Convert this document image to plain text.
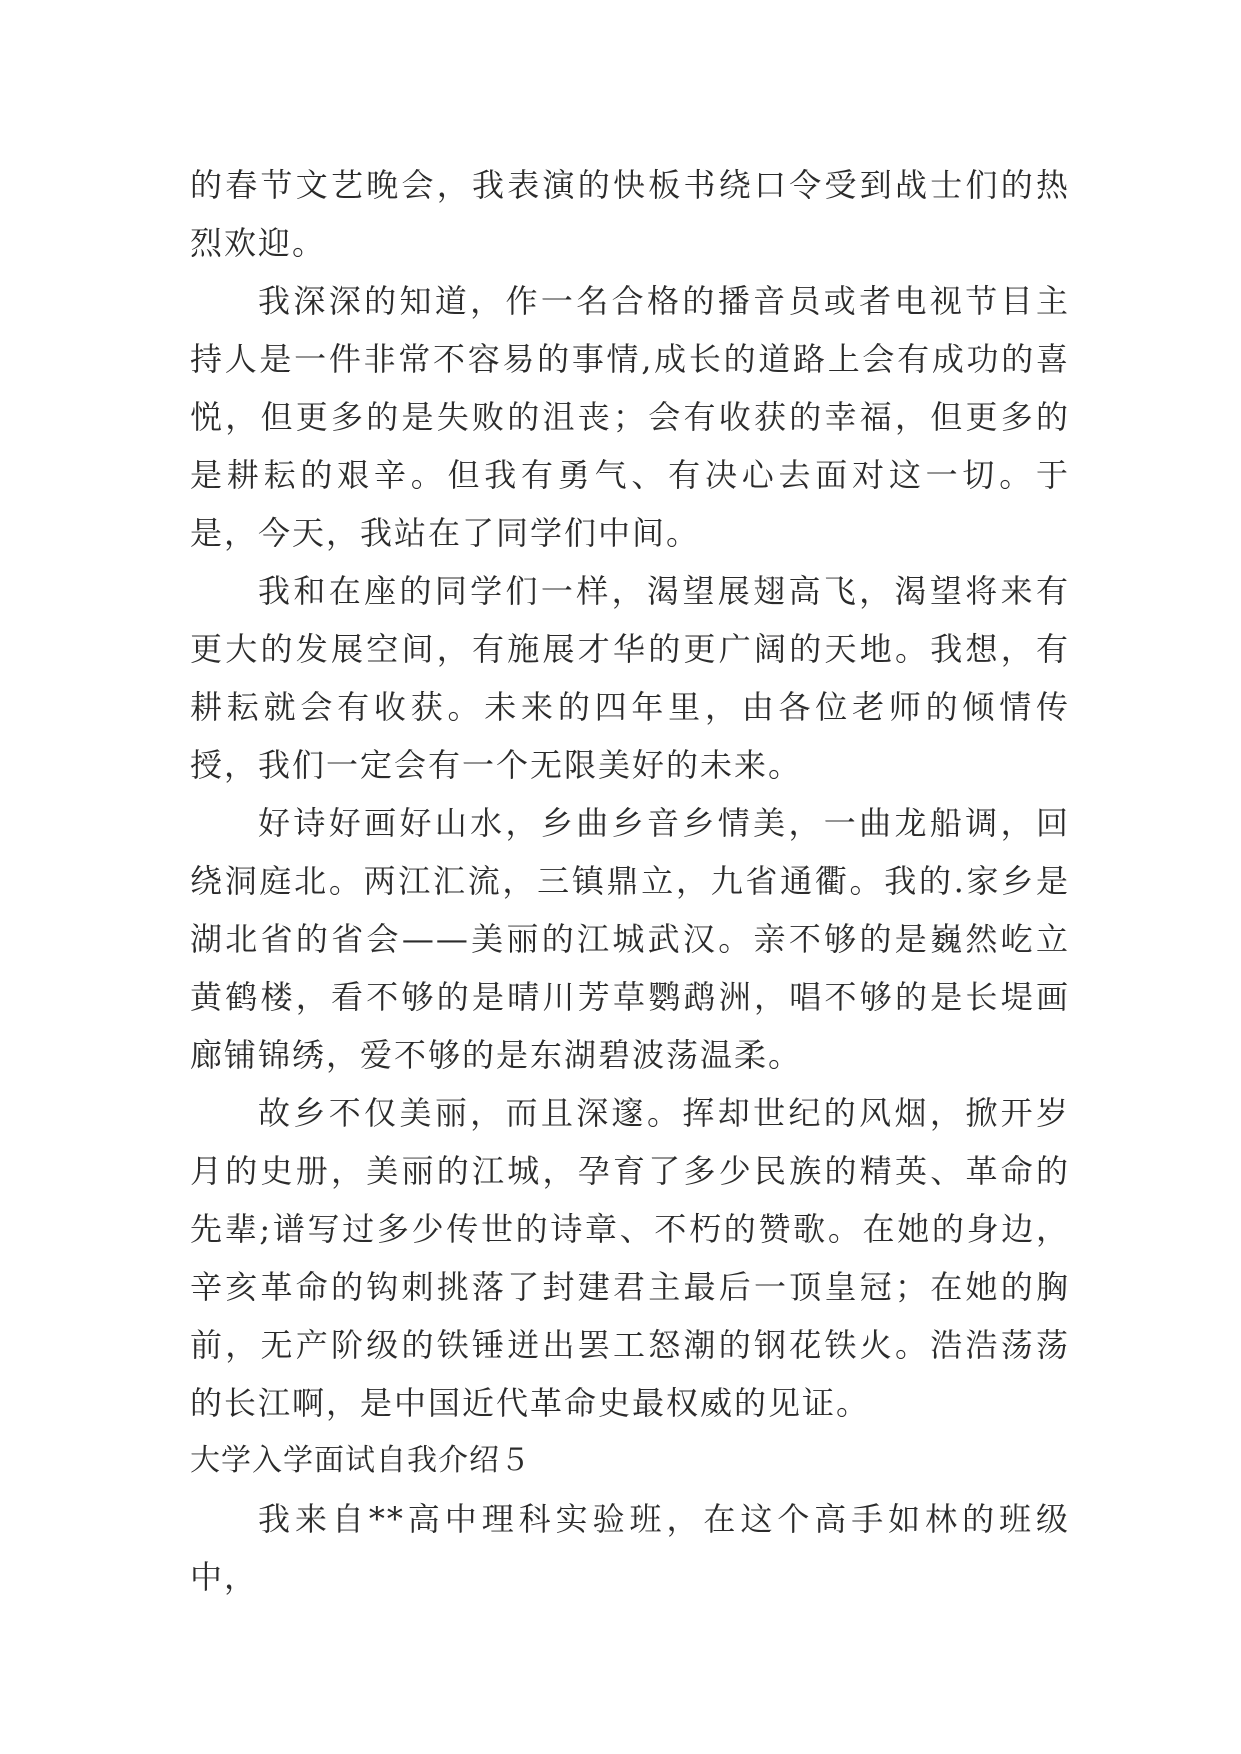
的春节文艺晚会，我表演的快板书绕口令受到战士们的热烈欢迎。

我深深的知道，作一名合格的播音员或者电视节目主持人是一件非常不容易的事情,成长的道路上会有成功的喜悦，但更多的是失败的沮丧；会有收获的幸福，但更多的是耕耘的艰辛。但我有勇气、有决心去面对这一切。于是，今天，我站在了同学们中间。

我和在座的同学们一样，渴望展翅高飞，渴望将来有更大的发展空间，有施展才华的更广阔的天地。我想，有耕耘就会有收获。未来的四年里，由各位老师的倾情传授，我们一定会有一个无限美好的未来。

好诗好画好山水，乡曲乡音乡情美，一曲龙船调，回绕洞庭北。两江汇流，三镇鼎立，九省通衢。我的.家乡是湖北省的省会——美丽的江城武汉。亲不够的是巍然屹立黄鹤楼，看不够的是晴川芳草鹦鹉洲，唱不够的是长堤画廊铺锦绣，爱不够的是东湖碧波荡温柔。

故乡不仅美丽，而且深邃。挥却世纪的风烟，掀开岁月的史册，美丽的江城，孕育了多少民族的精英、革命的先辈;谱写过多少传世的诗章、不朽的赞歌。在她的身边，辛亥革命的钩刺挑落了封建君主最后一顶皇冠；在她的胸前，无产阶级的铁锤迸出罢工怒潮的钢花铁火。浩浩荡荡的长江啊，是中国近代革命史最权威的见证。

大学入学面试自我介绍５

我来自**高中理科实验班，在这个高手如林的班级中，
